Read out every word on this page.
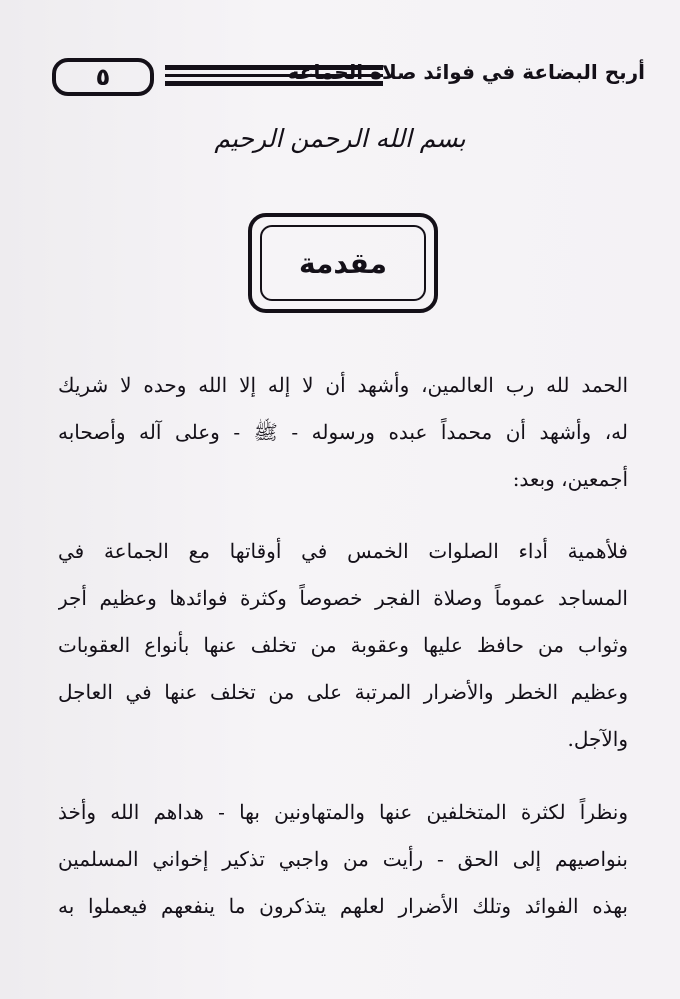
٥	أربح البضاعة في فوائد صلاة الجماعة
بسم الله الرحمن الرحيم
مقدمة
الحمد لله رب العالمين، وأشهد أن لا إله إلا الله وحده لا شريك
له، وأشهد أن محمداً عبده ورسوله - ﷺ - وعلى آله وأصحابه
أجمعين، وبعد:
فلأهمية أداء الصلوات الخمس في أوقاتها مع الجماعة في
المساجد عموماً وصلاة الفجر خصوصاً وكثرة فوائدها وعظيم أجر
وثواب من حافظ عليها وعقوبة من تخلف عنها بأنواع العقوبات
وعظيم الخطر والأضرار المرتبة على من تخلف عنها في العاجل
والآجل.
ونظراً لكثرة المتخلفين عنها والمتهاونين بها - هداهم الله وأخذ
بنواصيهم إلى الحق - رأيت من واجبي تذكير إخواني المسلمين
بهذه الفوائد وتلك الأضرار لعلهم يتذكرون ما ينفعهم فيعملوا به
